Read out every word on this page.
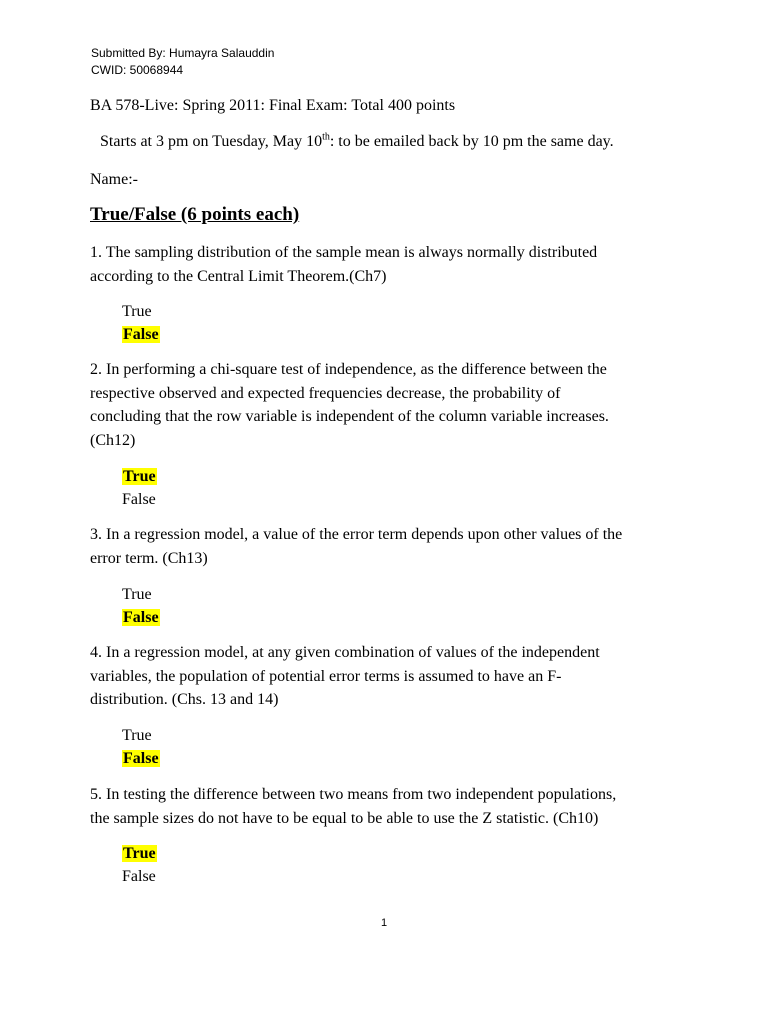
Submitted By: Humayra Salauddin
CWID: 50068944
BA 578-Live: Spring 2011: Final Exam: Total 400 points
Starts at 3 pm on Tuesday, May 10th: to be emailed back by 10 pm the same day.
Name:-
True/False (6 points each)

1. The sampling distribution of the sample mean is always normally distributed

according to the Central Limit Theorem.(Ch7)

True
False

2. In performing a chi-square test of independence, as the difference between the

respective observed and expected frequencies decrease, the probability of

concluding that the row variable is independent of the column variable increases.

(Ch12)

True
False

3. In a regression model, a value of the error term depends upon other values of the

error term. (Ch13)

True
False

4. In a regression model, at any given combination of values of the independent

variables, the population of potential error terms is assumed to have an F-

distribution. (Chs. 13 and 14)

True
False

5. In testing the difference between two means from two independent populations,

the sample sizes do not have to be equal to be able to use the Z statistic. (Ch10)

True
False
1
